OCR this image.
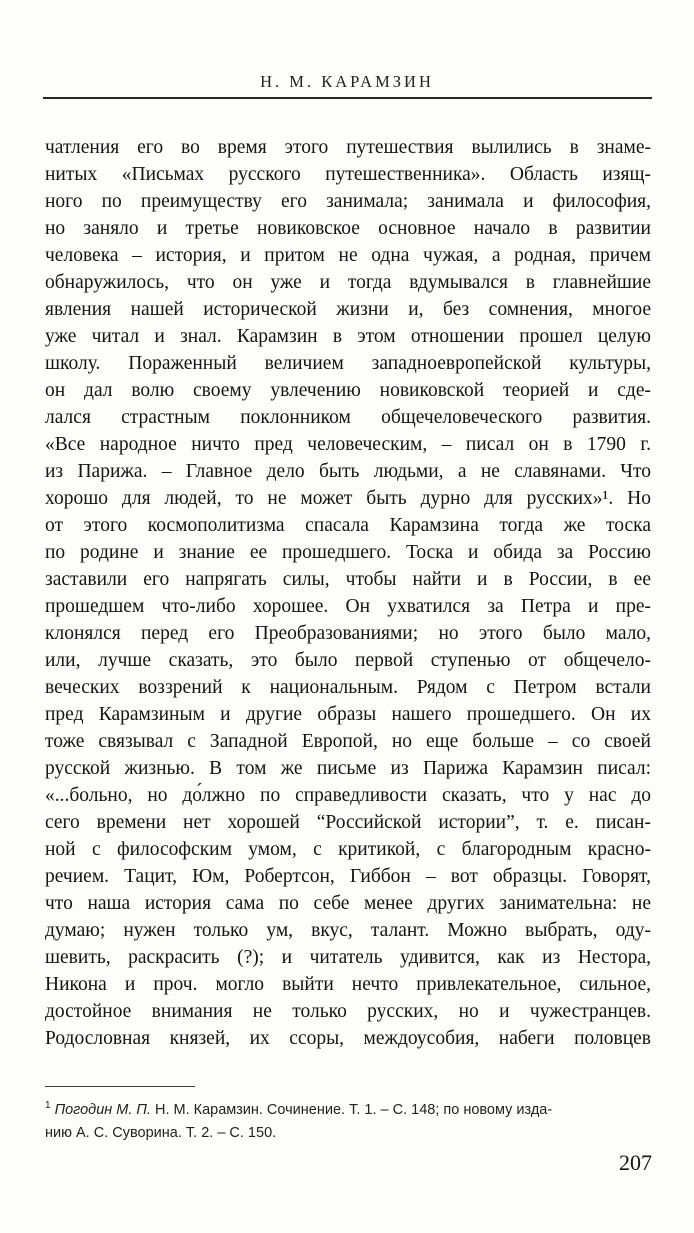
Н. М. КАРАМЗИН
чатления его во время этого путешествия вылились в знаме-
нитых «Письмах русского путешественника». Область изящ-
ного по преимуществу его занимала; занимала и философия,
но заняло и третье новиковское основное начало в развитии
человека – история, и притом не одна чужая, а родная, причем
обнаружилось, что он уже и тогда вдумывался в главнейшие
явления нашей исторической жизни и, без сомнения, многое
уже читал и знал. Карамзин в этом отношении прошел целую
школу. Пораженный величием западноевропейской культуры,
он дал волю своему увлечению новиковской теорией и сде-
лался страстным поклонником общечеловеческого развития.
«Все народное ничто пред человеческим, – писал он в 1790 г.
из Парижа. – Главное дело быть людьми, а не славянами. Что
хорошо для людей, то не может быть дурно для русских»¹. Но
от этого космополитизма спасала Карамзина тогда же тоска
по родине и знание ее прошедшего. Тоска и обида за Россию
заставили его напрягать силы, чтобы найти и в России, в ее
прошедшем что-либо хорошее. Он ухватился за Петра и пре-
клонялся перед его Преобразованиями; но этого было мало,
или, лучше сказать, это было первой ступенью от общечело-
веческих воззрений к национальным. Рядом с Петром встали
пред Карамзиным и другие образы нашего прошедшего. Он их
тоже связывал с Западной Европой, но еще больше – со своей
русской жизнью. В том же письме из Парижа Карамзин писал:
«...больно, но до́лжно по справедливости сказать, что у нас до
сего времени нет хорошей “Российской истории”, т. е. писан-
ной с философским умом, с критикой, с благородным красно-
речием. Тацит, Юм, Робертсон, Гиббон – вот образцы. Говорят,
что наша история сама по себе менее других занимательна: не
думаю; нужен только ум, вкус, талант. Можно выбрать, оду-
шевить, раскрасить (?); и читатель удивится, как из Нестора,
Никона и проч. могло выйти нечто привлекательное, сильное,
достойное внимания не только русских, но и чужестранцев.
Родословная князей, их ссоры, междоусобия, набеги половцев
$^1$ Погодин М. П. Н. М. Карамзин. Сочинение. Т. 1. – С. 148; по новому изда-
нию А. С. Суворина. Т. 2. – С. 150.
207
